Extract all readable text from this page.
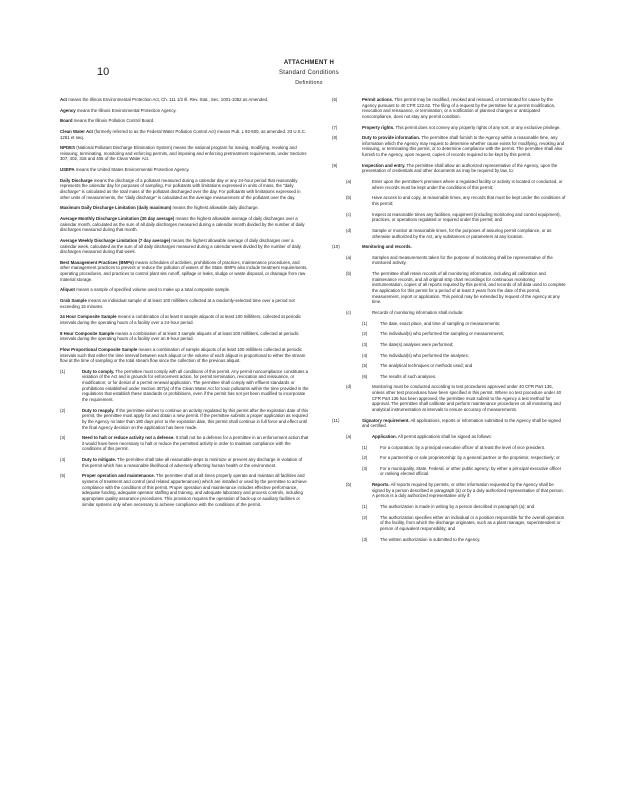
10
ATTACHMENT H
Standard Conditions
Definitions

Act means the Illinois Environmental Protection Act, Ch. 111 1/2 Ill. Rev. Stat., Sec. 1001-1052 as Amended.

Agency means the Illinois Environmental Protection Agency.

Board means the Illinois Pollution Control Board.

Clean Water Act (formerly referred to as the Federal Water Pollution Control Act) means Pub. L 92-500, as amended. 33 U.S.C. 1251 et seq.

NPDES (National Pollutant Discharge Elimination System) means the national program for issuing, modifying, revoking and reissuing, terminating, monitoring and enforcing permits, and imposing and enforcing pretreatment requirements, under Sections 307, 402, 318 and 405 of the Clean Water Act.

USEPA means the United States Environmental Protection Agency.

Daily Discharge means the discharge of a pollutant measured during a calendar day or any 24-hour period that reasonably represents the calendar day for purposes of sampling. For pollutants with limitations expressed in units of mass, the "daily discharge" is calculated as the total mass of the pollutant discharged over the day. For pollutants with limitations expressed in other units of measurements, the "daily discharge" is calculated as the average measurement of the pollutant over the day.

Maximum Daily Discharge Limitation (daily maximum) means the highest allowable daily discharge.

Average Monthly Discharge Limitation (30 day average) means the highest allowable average of daily discharges over a calendar month, calculated as the sum of all daily discharges measured during a calendar month divided by the number of daily discharges measured during that month.

Average Weekly Discharge Limitation (7 day average) means the highest allowable average of daily discharges over a calendar week, calculated as the sum of all daily discharges measured during a calendar week divided by the number of daily discharges measured during that week.

Best Management Practices (BMPs) means schedules of activities, prohibitions of practices, maintenance procedures, and other management practices to prevent or reduce the pollution of waters of the State. BMPs also include treatment requirements, operating procedures, and practices to control plant site runoff, spillage or leaks, sludge or waste disposal, or drainage from raw material storage.

Aliquot means a sample of specified volume used to make up a total composite sample.

Grab Sample means an individual sample of at least 100 milliliters collected at a randomly-selected time over a period not exceeding 15 minutes.

24 Hour Composite Sample means a combination of at least 8 sample aliquots of at least 100 milliliters, collected at periodic intervals during the operating hours of a facility over a 24-hour period.

8 Hour Composite Sample means a combination of at least 3 sample aliquots of at least 100 milliliters, collected at periodic intervals during the operating hours of a facility over an 8-hour period.

Flow Proportional Composite Sample means a combination of sample aliquots of at least 100 milliliters collected at periodic intervals such that either the time interval between each aliquot or the volume of each aliquot is proportional to either the stream flow at the time of sampling or the total stream flow since the collection of the previous aliquot.

(1)	Duty to comply. The permittee must comply with all conditions of this permit. Any permit noncompliance constitutes a violation of the Act and is grounds for enforcement action, for permit termination, revocation and reissuance, or modification; or for denial of a permit renewal application. The permittee shall comply with effluent standards or prohibitions established under Section 307(a) of the Clean Water Act for toxic pollutants within the time provided in the regulations that establish these standards or prohibitions, even if the permit has not yet been modified to incorporate the requirement.
(2)	Duty to reapply. If the permittee wishes to continue an activity regulated by this permit after the expiration date of this permit, the permittee must apply for and obtain a new permit. If the permittee submits a proper application as required by the Agency no later than 180 days prior to the expiration date, this permit shall continue in full force and effect until the final Agency decision on the application has been made.
(3)	Need to halt or reduce activity not a defense. It shall not be a defense for a permittee in an enforcement action that it would have been necessary to halt or reduce the permitted activity in order to maintain compliance with the conditions of this permit.
(4)	Duty to mitigate. The permittee shall take all reasonable steps to minimize or prevent any discharge in violation of this permit which has a reasonable likelihood of adversely affecting human health or the environment.
(5)	Proper operation and maintenance. The permittee shall at all times properly operate and maintain all facilities and systems of treatment and control (and related appurtenances) which are installed or used by the permittee to achieve compliance with the conditions of this permit. Proper operation and maintenance includes effective performance, adequate funding, adequate operator staffing and training, and adequate laboratory and process controls, including appropriate quality assurance procedures. This provision requires the operation of back-up or auxiliary facilities or similar systems only when necessary to achieve compliance with the conditions of the permit.
(6)	Permit actions. This permit may be modified, revoked and reissued, or terminated for cause by the Agency pursuant to 40 CFR 122.62. The filing of a request by the permittee for a permit modification, revocation and reissuance, or termination, or a notification of planned changes or anticipated noncompliance, does not stay any permit condition.
(7)	Property rights. This permit does not convey any property rights of any sort, or any exclusive privilege.
(8)	Duty to provide information. The permittee shall furnish to the Agency within a reasonable time, any information which the Agency may request to determine whether cause exists for modifying, revoking and reissuing, or terminating this permit, or to determine compliance with the permit. The permittee shall also furnish to the Agency, upon request, copies of records required to be kept by this permit.
(9)	Inspection and entry. The permittee shall allow an authorized representative of the Agency, upon the presentation of credentials and other documents as may be required by law, to:
(a)	Enter upon the permittee's premises where a regulated facility or activity is located or conducted, or where records must be kept under the conditions of this permit;
(b)	Have access to and copy, at reasonable times, any records that must be kept under the conditions of this permit;
(c)	Inspect at reasonable times any facilities, equipment (including monitoring and control equipment), practices, or operations regulated or required under this permit; and
(d)	Sample or monitor at reasonable times, for the purposes of assuring permit compliance, or as otherwise authorized by the Act, any substances or parameters at any location.
(10)	Monitoring and records.
(a)	Samples and measurements taken for the purpose of monitoring shall be representative of the monitored activity.
(b)	The permittee shall retain records of all monitoring information, including all calibration and maintenance records, and all original strip chart recordings for continuous monitoring instrumentation, copies of all reports required by this permit, and records of all data used to complete the application for this permit for a period of at least 3 years from the date of this permit, measurement, report or application. This period may be extended by request of the Agency at any time.
(c)	Records of monitoring information shall include:
(1)	The date, exact place, and time of sampling or measurements;
(2)	The individual(s) who performed the sampling or measurements;
(3)	The date(s) analyses were performed;
(4)	The individual(s) who performed the analyses;
(5)	The analytical techniques or methods used; and
(6)	The results of such analyses.
(d)	Monitoring must be conducted according to test procedures approved under 40 CFR Part 136, unless other test procedures have been specified in this permit. Where no test procedure under 40 CFR Part 136 has been approved, the permittee must submit to the Agency a test method for approval. The permittee shall calibrate and perform maintenance procedures on all monitoring and analytical instrumentation at intervals to ensure accuracy of measurements.
(11)	Signatory requirement. All applications, reports or information submitted to the Agency shall be signed and certified.
(a)	Application. All permit applications shall be signed as follows:
(1)	For a corporation: by a principal executive officer of at least the level of vice president.
(2)	For a partnership or sole proprietorship: by a general partner or the proprietor, respectively; or
(3)	For a municipality, State, Federal, or other public agency: by either a principal executive officer or ranking elected official.
(b)	Reports. All reports required by permits, or other information requested by the Agency shall be signed by a person described in paragraph (a) or by a duly authorized representative of that person. A person is a duly authorized representative only if:
(1)	The authorization is made in writing by a person described in paragraph (a); and
(2)	The authorization specifies either an individual or a position responsible for the overall operation of the facility, from which the discharge originates, such as a plant manager, superintendent or person of equivalent responsibility; and
(3)	The written authorization is submitted to the Agency.
